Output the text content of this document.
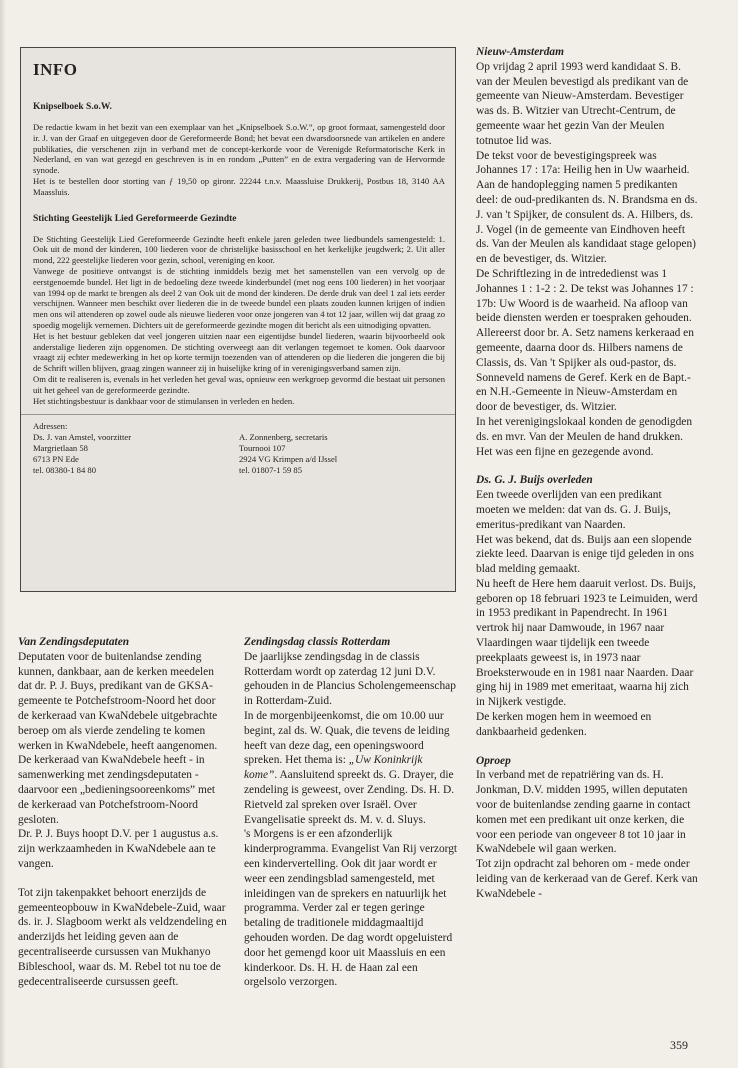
INFO
Knipselboek S.o.W.

De redactie kwam in het bezit van een exemplaar van het „Knipselboek S.o.W.”, op groot formaat, samengesteld door ir. J. van der Graaf en uitgegeven door de Gereformeerde Bond; het bevat een dwarsdoorsnede van artikelen en andere publikaties, die verschenen zijn in verband met de concept-kerkorde voor de Verenigde Reformatorische Kerk in Nederland, en van wat gezegd en geschreven is in en rondom „Putten” en de extra vergadering van de Hervormde synode.

Het is te bestellen door storting van ƒ 19,50 op gironr. 22244 t.n.v. Maassluise Drukkerij, Postbus 18, 3140 AA Maassluis.

Stichting Geestelijk Lied Gereformeerde Gezindte

De Stichting Geestelijk Lied Gereformeerde Gezindte heeft enkele jaren geleden twee liedbundels samengesteld: 1. Ook uit de mond der kinderen, 100 liederen voor de christelijke basisschool en het kerkelijke jeugdwerk; 2. Uit aller mond, 222 geestelijke liederen voor gezin, school, vereniging en koor.

Vanwege de positieve ontvangst is de stichting inmiddels bezig met het samenstellen van een vervolg op de eerstgenoemde bundel. Het ligt in de bedoeling deze tweede kinderbundel (met nog eens 100 liederen) in het voorjaar van 1994 op de markt te brengen als deel 2 van Ook uit de mond der kinderen. De derde druk van deel 1 zal iets eerder verschijnen. Wanneer men beschikt over liederen die in de tweede bundel een plaats zouden kunnen krijgen of indien men ons wil attenderen op zowel oude als nieuwe liederen voor onze jongeren van 4 tot 12 jaar, willen wij dat graag zo spoedig mogelijk vernemen. Dichters uit de gereformeerde gezindte mogen dit bericht als een uitnodiging opvatten.

Het is het bestuur gebleken dat veel jongeren uitzien naar een eigentijdse bundel liederen, waarin bijvoorbeeld ook anderstalige liederen zijn opgenomen. De stichting overweegt aan dit verlangen tegemoet te komen. Ook daarvoor vraagt zij echter medewerking in het op korte termijn toezenden van of attenderen op die liederen die jongeren die bij de Schrift willen blijven, graag zingen wanneer zij in huiselijke kring of in verenigingsverband samen zijn.

Om dit te realiseren is, evenals in het verleden het geval was, opnieuw een werkgroep gevormd die bestaat uit personen uit het geheel van de gereformeerde gezindte.

Het stichtingsbestuur is dankbaar voor de stimulansen in verleden en heden.

Adressen:

Ds. J. van Amstel, voorzitter
Margrietlaan 58
6713 PN Ede
tel. 08380-1 84 80
A. Zonnenberg, secretaris
Tournooi 107
2924 VG Krimpen a/d IJssel
tel. 01807-1 59 85
Van Zendingsdeputaten

Deputaten voor de buitenlandse zending kunnen, dankbaar, aan de kerken meedelen dat dr. P. J. Buys, predikant van de GKSA-gemeente te Potchefstroom-Noord het door de kerkeraad van KwaNdebele uitgebrachte beroep om als vierde zendeling te komen werken in KwaNdebele, heeft aangenomen.

De kerkeraad van KwaNdebele heeft - in samenwerking met zendingsdeputaten - daarvoor een „bedieningsooreenkoms” met de kerkeraad van Potchefstroom-Noord gesloten.

Dr. P. J. Buys hoopt D.V. per 1 augustus a.s. zijn werkzaamheden in KwaNdebele aan te vangen.

Tot zijn takenpakket behoort enerzijds de gemeenteopbouw in KwaNdebele-Zuid, waar ds. ir. J. Slagboom werkt als veldzendeling en anderzijds het leiding geven aan de gecentraliseerde cursussen van Mukhanyo Bibleschool, waar ds. M. Rebel tot nu toe de gedecentraliseerde cursussen geeft.

Zendingsdag classis Rotterdam

De jaarlijkse zendingsdag in de classis Rotterdam wordt op zaterdag 12 juni D.V. gehouden in de Plancius Scholengemeenschap in Rotterdam-Zuid.

In de morgenbijeenkomst, die om 10.00 uur begint, zal ds. W. Quak, die tevens de leiding heeft van deze dag, een openingswoord spreken. Het thema is: „Uw Koninkrijk kome”. Aansluitend spreekt ds. G. Drayer, die zendeling is geweest, over Zending. Ds. H. D. Rietveld zal spreken over Israël. Over Evangelisatie spreekt ds. M. v. d. Sluys.

's Morgens is er een afzonderlijk kinderprogramma. Evangelist Van Rij verzorgt een kindervertelling. Ook dit jaar wordt er weer een zendingsblad samengesteld, met inleidingen van de sprekers en natuurlijk het programma. Verder zal er tegen geringe betaling de traditionele middagmaaltijd gehouden worden. De dag wordt opgeluisterd door het gemengd koor uit Maassluis en een kinderkoor. Ds. H. H. de Haan zal een orgelsolo verzorgen.

Nieuw-Amsterdam

Op vrijdag 2 april 1993 werd kandidaat S. B. van der Meulen bevestigd als predikant van de gemeente van Nieuw-Amsterdam. Bevestiger was ds. B. Witzier van Utrecht-Centrum, de gemeente waar het gezin Van der Meulen totnutoe lid was.

De tekst voor de bevestigingspreek was Johannes 17 : 17a: Heilig hen in Uw waarheid. Aan de handoplegging namen 5 predikanten deel: de oud-predikanten ds. N. Brandsma en ds. J. van 't Spijker, de consulent ds. A. Hilbers, ds. J. Vogel (in de gemeente van Eindhoven heeft ds. Van der Meulen als kandidaat stage gelopen) en de bevestiger, ds. Witzier.

De Schriftlezing in de intrededienst was 1 Johannes 1 : 1-2 : 2. De tekst was Johannes 17 : 17b: Uw Woord is de waarheid. Na afloop van beide diensten werden er toespraken gehouden. Allereerst door br. A. Setz namens kerkeraad en gemeente, daarna door ds. Hilbers namens de Classis, ds. Van 't Spijker als oud-pastor, ds. Sonneveld namens de Geref. Kerk en de Bapt.- en N.H.-Gemeente in Nieuw-Amsterdam en door de bevestiger, ds. Witzier.

In het verenigingslokaal konden de genodigden ds. en mvr. Van der Meulen de hand drukken. Het was een fijne en gezegende avond.

Ds. G. J. Buijs overleden

Een tweede overlijden van een predikant moeten we melden: dat van ds. G. J. Buijs, emeritus-predikant van Naarden.

Het was bekend, dat ds. Buijs aan een slopende ziekte leed. Daarvan is enige tijd geleden in ons blad melding gemaakt.

Nu heeft de Here hem daaruit verlost. Ds. Buijs, geboren op 18 februari 1923 te Leimuiden, werd in 1953 predikant in Papendrecht. In 1961 vertrok hij naar Damwoude, in 1967 naar Vlaardingen waar tijdelijk een tweede preekplaats geweest is, in 1973 naar Broeksterwoude en in 1981 naar Naarden. Daar ging hij in 1989 met emeritaat, waarna hij zich in Nijkerk vestigde.

De kerken mogen hem in weemoed en dankbaarheid gedenken.

Oproep

In verband met de repatriëring van ds. H. Jonkman, D.V. midden 1995, willen deputaten voor de buitenlandse zending gaarne in contact komen met een predikant uit onze kerken, die voor een periode van ongeveer 8 tot 10 jaar in KwaNdebele wil gaan werken.

Tot zijn opdracht zal behoren om - mede onder leiding van de kerkeraad van de Geref. Kerk van KwaNdebele -

359
